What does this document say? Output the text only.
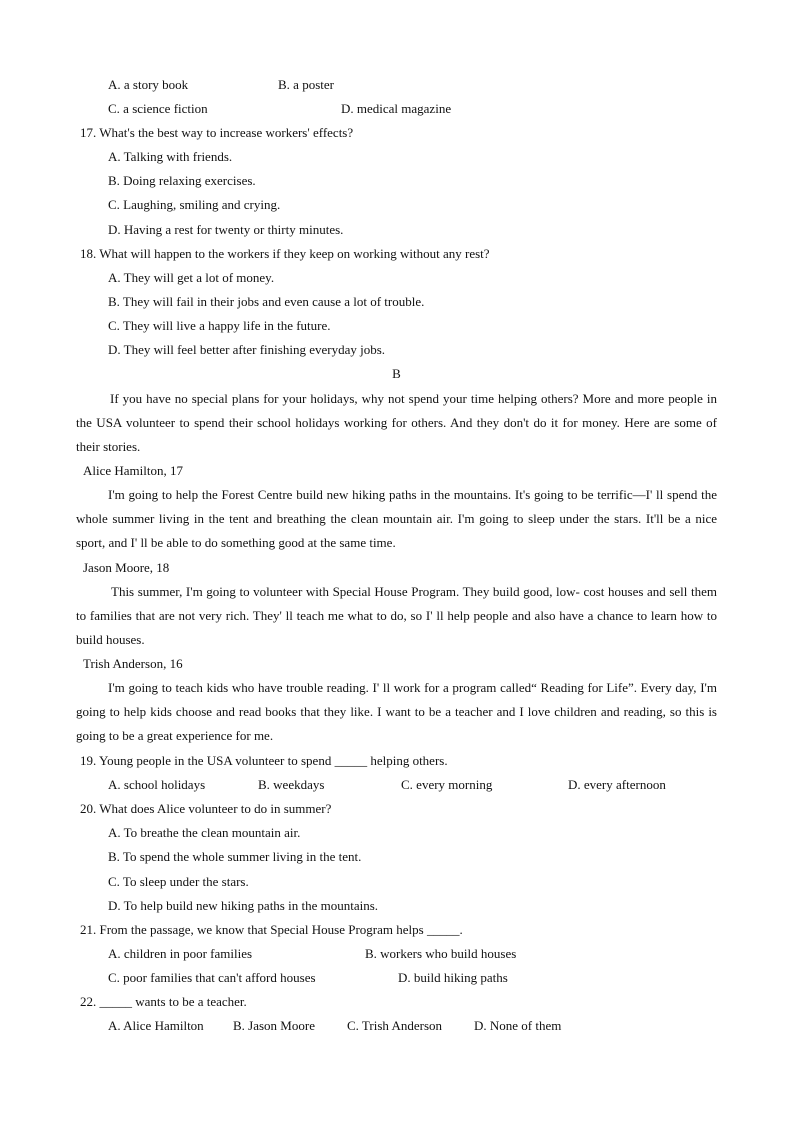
A. a story book	B. a poster
C. a science fiction	D. medical magazine
17. What's the best way to increase workers' effects?
A. Talking with friends.
B. Doing relaxing exercises.
C. Laughing, smiling and crying.
D. Having a rest for twenty or thirty minutes.
18. What will happen to the workers if they keep on working without any rest?
A. They will get a lot of money.
B. They will fail in their jobs and even cause a lot of trouble.
C. They will live a happy life in the future.
D. They will feel better after finishing everyday jobs.
B
If you have no special plans for your holidays, why not spend your time helping others? More and more people in the USA volunteer to spend their school holidays working for others. And they don't do it for money. Here are some of their stories.
Alice Hamilton, 17
I'm going to help the Forest Centre build new hiking paths in the mountains. It's going to be terrific—I' ll spend the whole summer living in the tent and breathing the clean mountain air. I'm going to sleep under the stars. It'll be a nice sport, and I' ll be able to do something good at the same time.
Jason Moore, 18
This summer, I'm going to volunteer with Special House Program. They build good, low- cost houses and sell them to families that are not very rich. They' ll teach me what to do, so I' ll help people and also have a chance to learn how to build houses.
Trish Anderson, 16
I'm going to teach kids who have trouble reading. I' ll work for a program called“ Reading for Life”. Every day, I'm going to help kids choose and read books that they like. I want to be a teacher and I love children and reading, so this is going to be a great experience for me.
19. Young people in the USA volunteer to spend _____ helping others.
A. school holidays	B. weekdays	C. every morning	D. every afternoon
20. What does Alice volunteer to do in summer?
A. To breathe the clean mountain air.
B. To spend the whole summer living in the tent.
C. To sleep under the stars.
D. To help build new hiking paths in the mountains.
21. From the passage, we know that Special House Program helps _____.
A. children in poor families	B. workers who build houses
C. poor families that can't afford houses	D. build hiking paths
22. _____ wants to be a teacher.
A. Alice Hamilton B. Jason Moore C. Trish Anderson D. None of them
